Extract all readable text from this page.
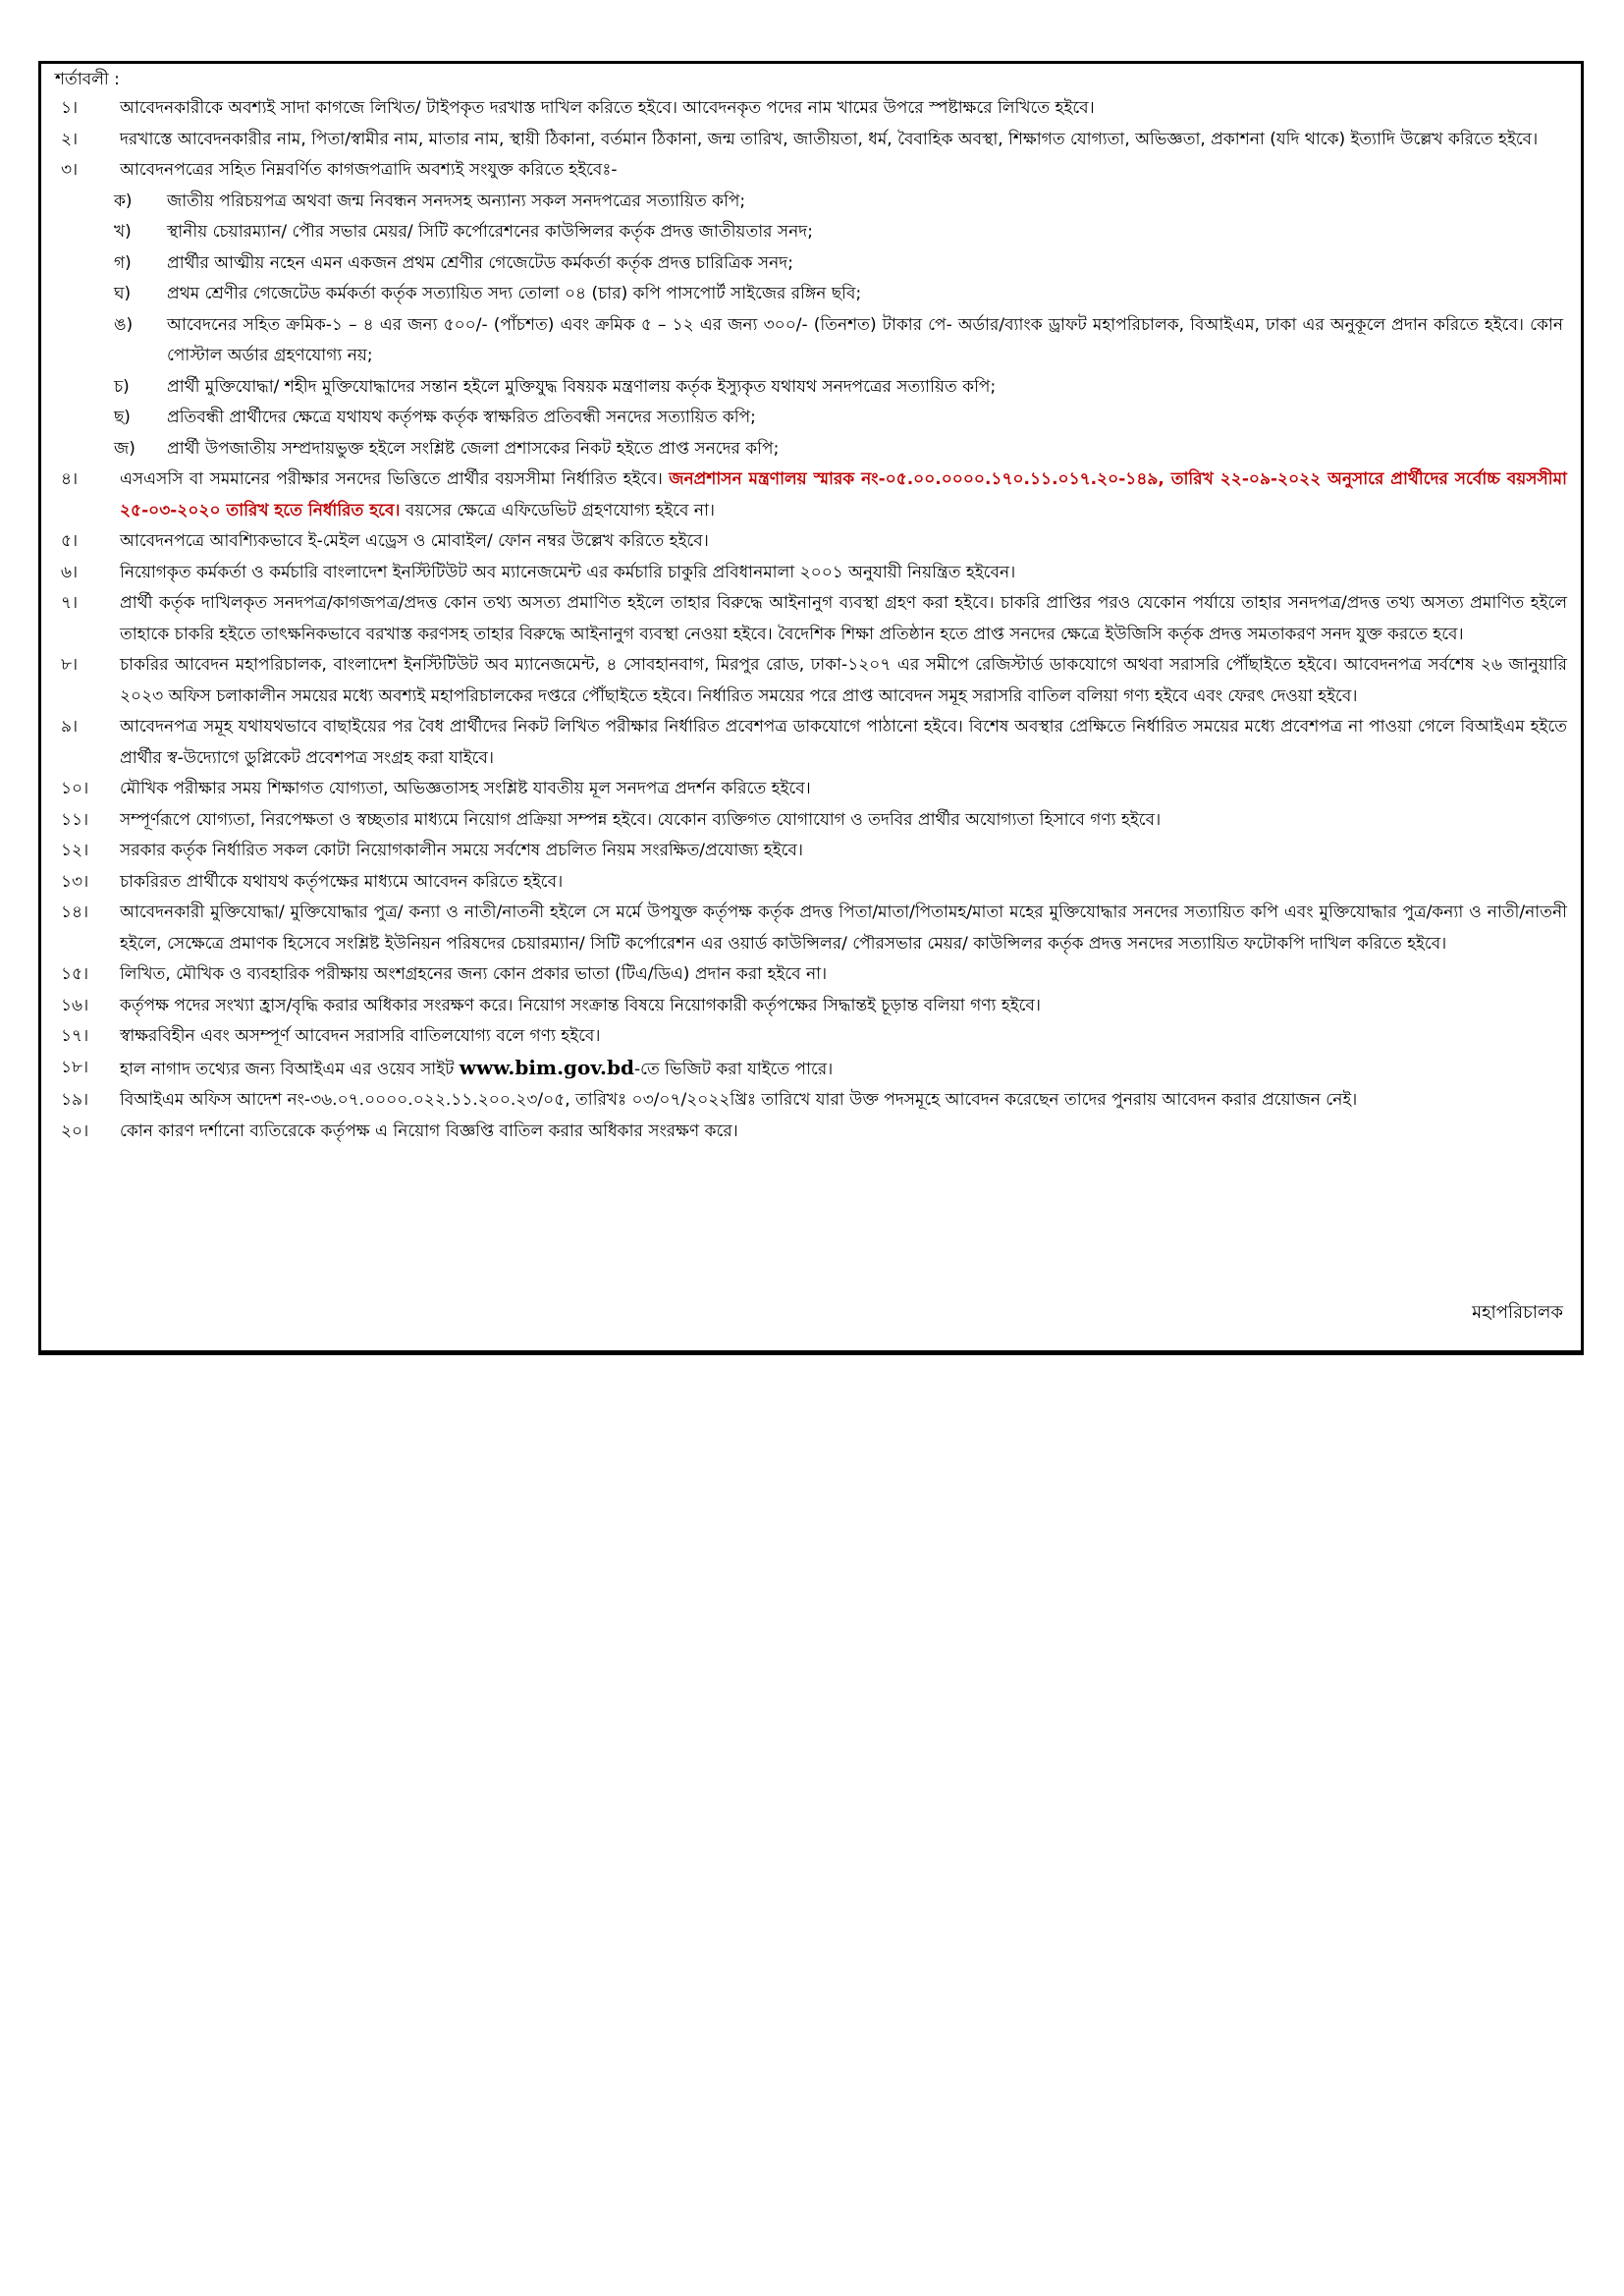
শর্তাবলী :
১।	আবেদনকারীকে অবশ্যই সাদা কাগজে লিখিত/ টাইপকৃত দরখাস্ত দাখিল করিতে হইবে। আবেদনকৃত পদের নাম খামের উপরে স্পষ্টাক্ষরে লিখিতে হইবে।
২।	দরখাস্তে আবেদনকারীর নাম, পিতা/স্বামীর নাম, মাতার নাম, স্থায়ী ঠিকানা, বর্তমান ঠিকানা, জন্ম তারিখ, জাতীয়তা, ধর্ম, বৈবাহিক অবস্থা, শিক্ষাগত যোগ্যতা, অভিজ্ঞতা, প্রকাশনা (যদি থাকে) ইত্যাদি উল্লেখ করিতে হইবে।
৩।	আবেদনপত্রের সহিত নিম্নবর্ণিত কাগজপত্রাদি অবশ্যই সংযুক্ত করিতে হইবেঃ-
ক)	জাতীয় পরিচয়পত্র অথবা জন্ম নিবন্ধন সনদসহ অন্যান্য সকল সনদপত্রের সত্যায়িত কপি;
খ)	স্থানীয় চেয়ারম্যান/ পৌর সভার মেয়র/ সিটি কর্পোরেশনের কাউন্সিলর কর্তৃক প্রদত্ত জাতীয়তার সনদ;
গ)	প্রার্থীর আত্মীয় নহেন এমন একজন প্রথম শ্রেণীর গেজেটেড কর্মকর্তা কর্তৃক প্রদত্ত চারিত্রিক সনদ;
ঘ)	প্রথম শ্রেণীর গেজেটেড কর্মকর্তা কর্তৃক সত্যায়িত সদ্য তোলা ০৪ (চার) কপি পাসপোর্ট সাইজের রঙ্গিন ছবি;
ঙ)	আবেদনের সহিত ক্রমিক-১ – ৪ এর জন্য ৫০০/- (পাঁচশত) এবং ক্রমিক ৫ – ১২ এর জন্য ৩০০/- (তিনশত) টাকার পে- অর্ডার/ব্যাংক ড্রাফট মহাপরিচালক, বিআইএম, ঢাকা এর অনুকূলে প্রদান করিতে হইবে। কোন পোস্টাল অর্ডার গ্রহণযোগ্য নয়;
চ)	প্রার্থী মুক্তিযোদ্ধা/ শহীদ মুক্তিযোদ্ধাদের সন্তান হইলে মুক্তিযুদ্ধ বিষয়ক মন্ত্রণালয় কর্তৃক ইস্যুকৃত যথাযথ সনদপত্রের সত্যায়িত কপি;
ছ)	প্রতিবন্ধী প্রার্থীদের ক্ষেত্রে যথাযথ কর্তৃপক্ষ কর্তৃক স্বাক্ষরিত প্রতিবন্ধী সনদের সত্যায়িত কপি;
জ)	প্রার্থী উপজাতীয় সম্প্রদায়ভুক্ত হইলে সংশ্লিষ্ট জেলা প্রশাসকের নিকট হইতে প্রাপ্ত সনদের কপি;
৪।	এসএসসি বা সমমানের পরীক্ষার সনদের ভিত্তিতে প্রার্থীর বয়সসীমা নির্ধারিত হইবে। জনপ্রশাসন মন্ত্রণালয় স্মারক নং-০৫.০০.০০০০.১৭০.১১.০১৭.২০-১৪৯, তারিখ ২২-০৯-২০২২ অনুসারে প্রার্থীদের সর্বোচ্চ বয়সসীমা ২৫-০৩-২০২০ তারিখ হতে নির্ধারিত হবে। বয়সের ক্ষেত্রে এফিডেভিট গ্রহণযোগ্য হইবে না।
৫।	আবেদনপত্রে আবশ্যিকভাবে ই-মেইল এড্রেস ও মোবাইল/ ফোন নম্বর উল্লেখ করিতে হইবে।
৬।	নিয়োগকৃত কর্মকর্তা ও কর্মচারি বাংলাদেশ ইনস্টিটিউট অব ম্যানেজমেন্ট এর কর্মচারি চাকুরি প্রবিধানমালা ২০০১ অনুযায়ী নিয়ন্ত্রিত হইবেন।
৭।	প্রার্থী কর্তৃক দাখিলকৃত সনদপত্র/কাগজপত্র/প্রদত্ত কোন তথ্য অসত্য প্রমাণিত হইলে তাহার বিরুদ্ধে আইনানুগ ব্যবস্থা গ্রহণ করা হইবে। চাকরি প্রাপ্তির পরও যেকোন পর্যায়ে তাহার সনদপত্র/প্রদত্ত তথ্য অসত্য প্রমাণিত হইলে তাহাকে চাকরি হইতে তাৎক্ষনিকভাবে বরখাস্ত করণসহ তাহার বিরুদ্ধে আইনানুগ ব্যবস্থা নেওয়া হইবে। বৈদেশিক শিক্ষা প্রতিষ্ঠান হতে প্রাপ্ত সনদের ক্ষেত্রে ইউজিসি কর্তৃক প্রদত্ত সমতাকরণ সনদ যুক্ত করতে হবে।
৮।	চাকরির আবেদন মহাপরিচালক, বাংলাদেশ ইনস্টিটিউট অব ম্যানেজমেন্ট, ৪ সোবহানবাগ, মিরপুর রোড, ঢাকা-১২০৭ এর সমীপে রেজিস্টার্ড ডাকযোগে অথবা সরাসরি পৌঁছাইতে হইবে। আবেদনপত্র সর্বশেষ ২৬ জানুয়ারি ২০২৩ অফিস চলাকালীন সময়ের মধ্যে অবশ্যই মহাপরিচালকের দপ্তরে পৌঁছাইতে হইবে। নির্ধারিত সময়ের পরে প্রাপ্ত আবেদন সমূহ সরাসরি বাতিল বলিয়া গণ্য হইবে এবং ফেরৎ দেওয়া হইবে।
৯।	আবেদনপত্র সমূহ যথাযথভাবে বাছাইয়ের পর বৈধ প্রার্থীদের নিকট লিখিত পরীক্ষার নির্ধারিত প্রবেশপত্র ডাকযোগে পাঠানো হইবে। বিশেষ অবস্থার প্রেক্ষিতে নির্ধারিত সময়ের মধ্যে প্রবেশপত্র না পাওয়া গেলে বিআইএম হইতে প্রার্থীর স্ব-উদ্যোগে ডুপ্লিকেট প্রবেশপত্র সংগ্রহ করা যাইবে।
১০।	মৌখিক পরীক্ষার সময় শিক্ষাগত যোগ্যতা, অভিজ্ঞতাসহ সংশ্লিষ্ট যাবতীয় মূল সনদপত্র প্রদর্শন করিতে হইবে।
১১।	সম্পূর্ণরূপে যোগ্যতা, নিরপেক্ষতা ও স্বচ্ছতার মাধ্যমে নিয়োগ প্রক্রিয়া সম্পন্ন হইবে। যেকোন ব্যক্তিগত যোগাযোগ ও তদবির প্রার্থীর অযোগ্যতা হিসাবে গণ্য হইবে।
১২।	সরকার কর্তৃক নির্ধারিত সকল কোটা নিয়োগকালীন সময়ে সর্বশেষ প্রচলিত নিয়ম সংরক্ষিত/প্রযোজ্য হইবে।
১৩।	চাকরিরত প্রার্থীকে যথাযথ কর্তৃপক্ষের মাধ্যমে আবেদন করিতে হইবে।
১৪।	আবেদনকারী মুক্তিযোদ্ধা/ মুক্তিযোদ্ধার পুত্র/ কন্যা ও নাতী/নাতনী হইলে সে মর্মে উপযুক্ত কর্তৃপক্ষ কর্তৃক প্রদত্ত পিতা/মাতা/পিতামহ/মাতা মহের মুক্তিযোদ্ধার সনদের সত্যায়িত কপি এবং মুক্তিযোদ্ধার পুত্র/কন্যা ও নাতী/নাতনী হইলে, সেক্ষেত্রে প্রমাণক হিসেবে সংশ্লিষ্ট ইউনিয়ন পরিষদের চেয়ারম্যান/ সিটি কর্পোরেশন এর ওয়ার্ড কাউন্সিলর/ পৌরসভার মেয়র/ কাউন্সিলর কর্তৃক প্রদত্ত সনদের সত্যায়িত ফটোকপি দাখিল করিতে হইবে।
১৫।	লিখিত, মৌখিক ও ব্যবহারিক পরীক্ষায় অংশগ্রহনের জন্য কোন প্রকার ভাতা (টিএ/ডিএ) প্রদান করা হইবে না।
১৬।	কর্তৃপক্ষ পদের সংখ্যা হ্রাস/বৃদ্ধি করার অধিকার সংরক্ষণ করে। নিয়োগ সংক্রান্ত বিষয়ে নিয়োগকারী কর্তৃপক্ষের সিদ্ধান্তই চূড়ান্ত বলিয়া গণ্য হইবে।
১৭।	স্বাক্ষরবিহীন এবং অসম্পূর্ণ আবেদন সরাসরি বাতিলযোগ্য বলে গণ্য হইবে।
১৮।	হাল নাগাদ তথ্যের জন্য বিআইএম এর ওয়েব সাইট www.bim.gov.bd-তে ভিজিট করা যাইতে পারে।
১৯।	বিআইএম অফিস আদেশ নং-৩৬.০৭.০০০০.০২২.১১.২০০.২৩/০৫, তারিখঃ ০৩/০৭/২০২২খ্রিঃ তারিখে যারা উক্ত পদসমূহে আবেদন করেছেন তাদের পুনরায় আবেদন করার প্রয়োজন নেই।
২০।	কোন কারণ দর্শানো ব্যতিরেকে কর্তৃপক্ষ এ নিয়োগ বিজ্ঞপ্তি বাতিল করার অধিকার সংরক্ষণ করে।
মহাপরিচালক
